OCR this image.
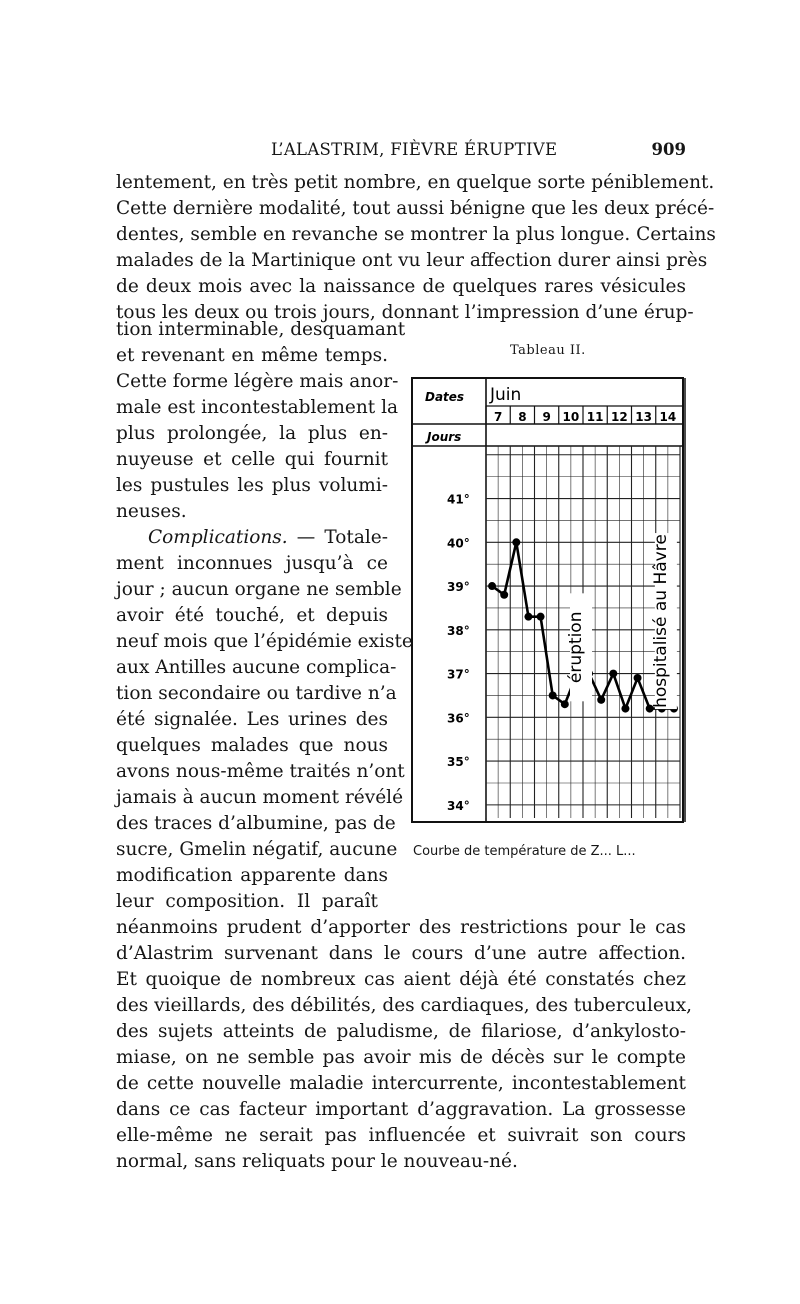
L’ALASTRIM, FIÈVRE ÉRUPTIVE	909
lentement, en très petit nombre, en quelque sorte péniblement.
Cette dernière modalité, tout aussi bénigne que les deux précé-
dentes, semble en revanche se montrer la plus longue. Certains
malades de la Martinique ont vu leur affection durer ainsi près
de deux mois avec la naissance de quelques rares vésicules
tous les deux ou trois jours, donnant l’impression d’une érup-
tion interminable, desquamant
et revenant en même temps.
Cette forme légère mais anor-
male est incontestablement la
plus prolongée, la plus en-
nuyeuse et celle qui fournit
les pustules les plus volumi-
neuses.
Complications. — Totale-
ment inconnues jusqu’à ce
jour ; aucun organe ne semble
avoir été touché, et depuis
neuf mois que l’épidémie existe
aux Antilles aucune complica-
tion secondaire ou tardive n’a
été signalée. Les urines des
quelques malades que nous
avons nous-même traités n’ont
jamais à aucun moment révélé
des traces d’albumine, pas de
sucre, Gmelin négatif, aucune
modification apparente dans
leur composition. Il paraît
néanmoins prudent d’apporter des restrictions pour le cas
d’Alastrim survenant dans le cours d’une autre affection.
Et quoique de nombreux cas aient déjà été constatés chez
des vieillards, des débilités, des cardiaques, des tuberculeux,
des sujets atteints de paludisme, de filariose, d’ankylosto-
miase, on ne semble pas avoir mis de décès sur le compte
de cette nouvelle maladie intercurrente, incontestablement
dans ce cas facteur important d’aggravation. La grossesse
elle-même ne serait pas influencée et suivrait son cours
normal, sans reliquats pour le nouveau-né.
Tableau II.
Dates
Jours
Juin
7 8 9 10 11 12 13 14
34°
35°
36°
37°
38°
39°
40°
41°
éruption	hospitalisé au Hâvre
Courbe de température de Z... L...
